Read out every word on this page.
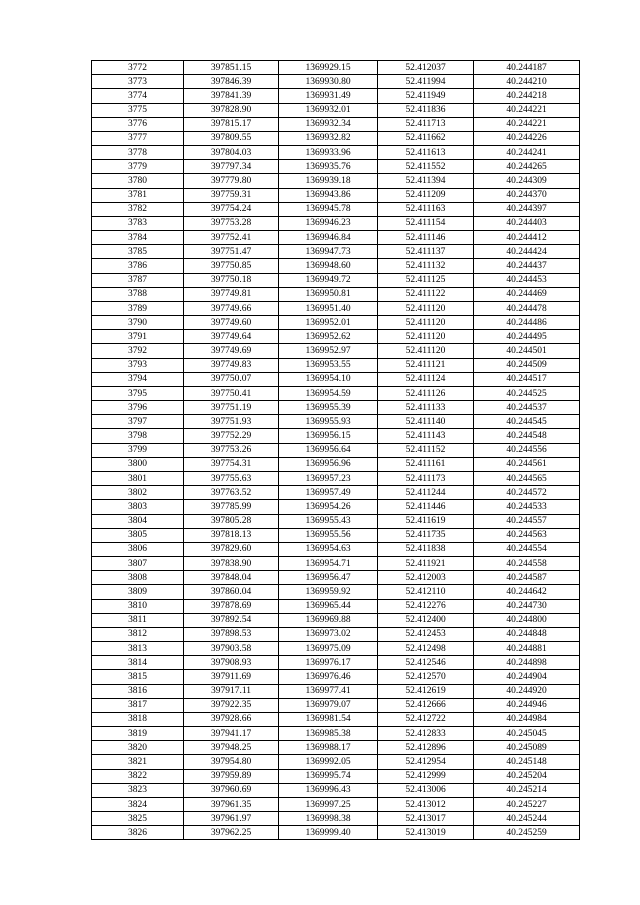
3772	397851.15	1369929.15	52.412037	40.244187
3773	397846.39	1369930.80	52.411994	40.244210
3774	397841.39	1369931.49	52.411949	40.244218
3775	397828.90	1369932.01	52.411836	40.244221
3776	397815.17	1369932.34	52.411713	40.244221
3777	397809.55	1369932.82	52.411662	40.244226
3778	397804.03	1369933.96	52.411613	40.244241
3779	397797.34	1369935.76	52.411552	40.244265
3780	397779.80	1369939.18	52.411394	40.244309
3781	397759.31	1369943.86	52.411209	40.244370
3782	397754.24	1369945.78	52.411163	40.244397
3783	397753.28	1369946.23	52.411154	40.244403
3784	397752.41	1369946.84	52.411146	40.244412
3785	397751.47	1369947.73	52.411137	40.244424
3786	397750.85	1369948.60	52.411132	40.244437
3787	397750.18	1369949.72	52.411125	40.244453
3788	397749.81	1369950.81	52.411122	40.244469
3789	397749.66	1369951.40	52.411120	40.244478
3790	397749.60	1369952.01	52.411120	40.244486
3791	397749.64	1369952.62	52.411120	40.244495
3792	397749.69	1369952.97	52.411120	40.244501
3793	397749.83	1369953.55	52.411121	40.244509
3794	397750.07	1369954.10	52.411124	40.244517
3795	397750.41	1369954.59	52.411126	40.244525
3796	397751.19	1369955.39	52.411133	40.244537
3797	397751.93	1369955.93	52.411140	40.244545
3798	397752.29	1369956.15	52.411143	40.244548
3799	397753.26	1369956.64	52.411152	40.244556
3800	397754.31	1369956.96	52.411161	40.244561
3801	397755.63	1369957.23	52.411173	40.244565
3802	397763.52	1369957.49	52.411244	40.244572
3803	397785.99	1369954.26	52.411446	40.244533
3804	397805.28	1369955.43	52.411619	40.244557
3805	397818.13	1369955.56	52.411735	40.244563
3806	397829.60	1369954.63	52.411838	40.244554
3807	397838.90	1369954.71	52.411921	40.244558
3808	397848.04	1369956.47	52.412003	40.244587
3809	397860.04	1369959.92	52.412110	40.244642
3810	397878.69	1369965.44	52.412276	40.244730
3811	397892.54	1369969.88	52.412400	40.244800
3812	397898.53	1369973.02	52.412453	40.244848
3813	397903.58	1369975.09	52.412498	40.244881
3814	397908.93	1369976.17	52.412546	40.244898
3815	397911.69	1369976.46	52.412570	40.244904
3816	397917.11	1369977.41	52.412619	40.244920
3817	397922.35	1369979.07	52.412666	40.244946
3818	397928.66	1369981.54	52.412722	40.244984
3819	397941.17	1369985.38	52.412833	40.245045
3820	397948.25	1369988.17	52.412896	40.245089
3821	397954.80	1369992.05	52.412954	40.245148
3822	397959.89	1369995.74	52.412999	40.245204
3823	397960.69	1369996.43	52.413006	40.245214
3824	397961.35	1369997.25	52.413012	40.245227
3825	397961.97	1369998.38	52.413017	40.245244
3826	397962.25	1369999.40	52.413019	40.245259
